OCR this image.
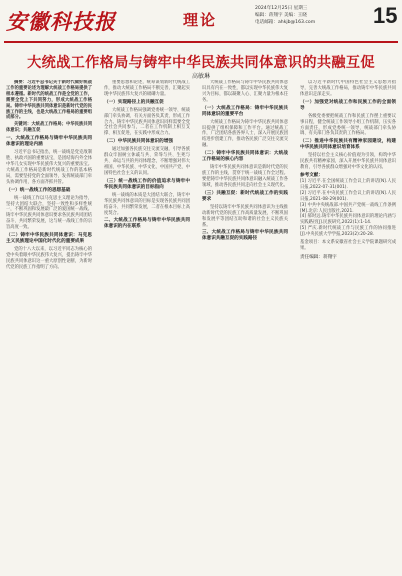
安徽科技报	理论
2024年12月25日 星期三
编辑：蒋翔宇 美编：王晓
电话邮箱：ahkjb@163.com	15
大统战工作格局与铸牢中华民族共同体意识的共融互促
高敏琳

摘要：习近平总书记关于新时代做好统战工作的重要论述为理解大统战工作格局提供了根本遵循。新时代的统战工作是全党的工作，需要全党上下共同努力，形成大统战工作格局。铸牢中华民族共同体意识是新时代党的民族工作的主线，也是大统战工作格局的重要组成部分。

关键词：大统战工作格局；中华民族共同体意识；共融互促

一、大统战工作格局与铸牢中华民族共同体意识的理论内涵

习近平总书记指出，统一战线是党克敌制胜、执政兴国的重要法宝，是团结海内外全体中华儿女实现中华民族伟大复兴的重要法宝。大统战工作格局是新时代统战工作的基本格局，需要坚持党的全面领导，发挥统战部门牵头协调作用，各方面齐抓共管。

（一）统一战线工作的思想基础

统一战线工作以马克思主义理论为指导，坚持大团结大联合，坚持一致性和多样性统一，不断巩固和发展最广泛的爱国统一战线。铸牢中华民族共同体意识要求各民族共同团结奋斗、共同繁荣发展，这与统一战线工作的宗旨高度一致。

（二）铸牢中华民族共同体意识：马克思主义民族理论中国化时代化的重要成果

党的十八大以来，以习近平同志为核心的党中央着眼中华民族伟大复兴，提出铸牢中华民族共同体意识这一重大原创性论断，为新时代党的民族工作指明了方向。

重要思想和论述，统筹谋划新时代统战工作，推动大统战工作格局不断完善，汇聚起实现中华民族伟大复兴的磅礴力量。

（一）实现路径上的共融互促

大统战工作格局强调党委统一领导、统战部门牵头协调、有关方面各负其责，形成工作合力。铸牢中华民族共同体意识同样需要全党全社会共同参与，二者在工作机制上相互支撑、相互促进，在实践中形成合力。

（二）中华民族共同体意识的增强

通过加强各民族交往交流交融，引导各族群众牢固树立休戚与共、荣辱与共、生死与共、命运与共的共同体理念，不断增强对伟大祖国、中华民族、中华文化、中国共产党、中国特色社会主义的认同。

（三）统一战线工作的价值追求与铸牢中华民族共同体意识的目标指向

统一战线的本质是大团结大联合，铸牢中华民族共同体意识的目标是实现各民族共同团结奋斗、共同繁荣发展，二者在根本目标上高度契合。

二、大统战工作格局与铸牢中华民族共同体意识的内在联系

大统战工作格局与铸牢中华民族共同体意识具有内在一致性，都以实现中华民族伟大复兴为目标，都以凝聚人心、汇聚力量为根本任务。

（一）大统战工作格局：铸牢中华民族共同体意识的重要平台

大统战工作格局为铸牢中华民族共同体意识提供了组织保障和工作平台。通过统战工作，广泛团结各族各界人士，深入开展民族团结进步创建工作，推动各民族广泛交往交流交融。

（二）铸牢中华民族共同体意识：大统战工作格局的核心内容

铸牢中华民族共同体意识是新时代党的民族工作的主线，贯穿于统一战线工作全过程。要把铸牢中华民族共同体意识融入统战工作各领域，推动各民族共同走向社会主义现代化。

（三）共融互促：新时代统战工作的实践要求

坚持以铸牢中华民族共同体意识为主线推动新时代党的民族工作高质量发展，不断巩固和发展平等团结互助和谐的社会主义民族关系。

三、大统战工作格局与铸牢中华民族共同体意识共融互促的实践路径

以习近平新时代中国特色社会主义思想为指导，完善大统战工作格局，推动铸牢中华民族共同体意识走深走实。

（一）加强党对统战工作和民族工作的全面领导

各级党委要把统战工作和民族工作摆上重要议事日程，健全统战工作领导小组工作机制，压实各方面责任，形成党委统一领导、统战部门牵头协调、有关部门各负其责的工作格局。

（二）推进中华民族共有精神家园建设，构建中华民族共同体意识培育体系

坚持以社会主义核心价值观为引领，构筑中华民族共有精神家园，深入开展中华民族共同体意识教育，引导各族群众增强对中华文化的认同。

参考文献：
[1] 习近平.在全国统战工作会议上的讲话[N].人民日报,2022-07-31(001).
[2] 习近平.在中央民族工作会议上的讲话[N].人民日报,2021-08-29(001).
[3] 中共中央统战部.中国共产党统一战线工作条例[M].北京:人民出版社,2021.
[4] 郝时远.铸牢中华民族共同体意识的理论内涵与实践路径[J].民族研究,2022(1):1-14.
[5] 严庆.新时代统战工作与民族工作的协同推进[J].中央民族大学学报,2023(2):20-28.
基金项目：本文系安徽省社会主义学院课题研究成果。
责任编辑：蒋翔宇
